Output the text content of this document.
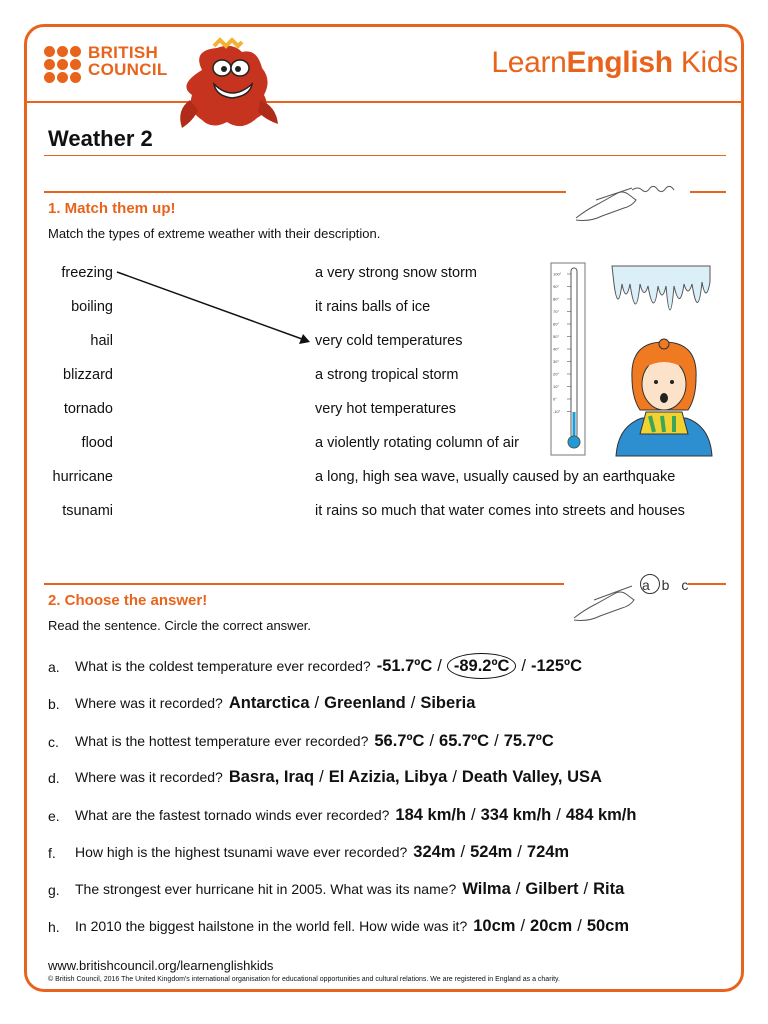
BRITISH
COUNCIL	LearnEnglish Kids
Weather 2
1. Match them up!
Match the types of extreme weather with their description.
freezing
boiling
hail
blizzard
tornado
flood
hurricane
tsunami
a very strong snow storm
it rains balls of ice
very cold temperatures
a strong tropical storm
very hot temperatures
a violently rotating column of air
a long, high sea wave, usually caused by an earthquake
it rains so much that water comes into streets and houses
100°
90°
80°
70°
60°
50°
40°
30°
20°
10°
0°
-10°
a b c
2. Choose the answer!
Read the sentence. Circle the correct answer.
a. What is the coldest temperature ever recorded? -51.7ºC / -89.2ºC / -125ºC
b. Where was it recorded? Antarctica / Greenland / Siberia
c. What is the hottest temperature ever recorded? 56.7ºC / 65.7ºC / 75.7ºC
d. Where was it recorded? Basra, Iraq / El Azizia, Libya / Death Valley, USA
e. What are the fastest tornado winds ever recorded? 184 km/h / 334 km/h / 484 km/h
f. How high is the highest tsunami wave ever recorded? 324m / 524m / 724m
g. The strongest ever hurricane hit in 2005. What was its name? Wilma / Gilbert / Rita
h. In 2010 the biggest hailstone in the world fell. How wide was it? 10cm / 20cm / 50cm
www.britishcouncil.org/learnenglishkids
© British Council, 2016 The United Kingdom's international organisation for educational opportunities and cultural relations. We are registered in England as a charity.
